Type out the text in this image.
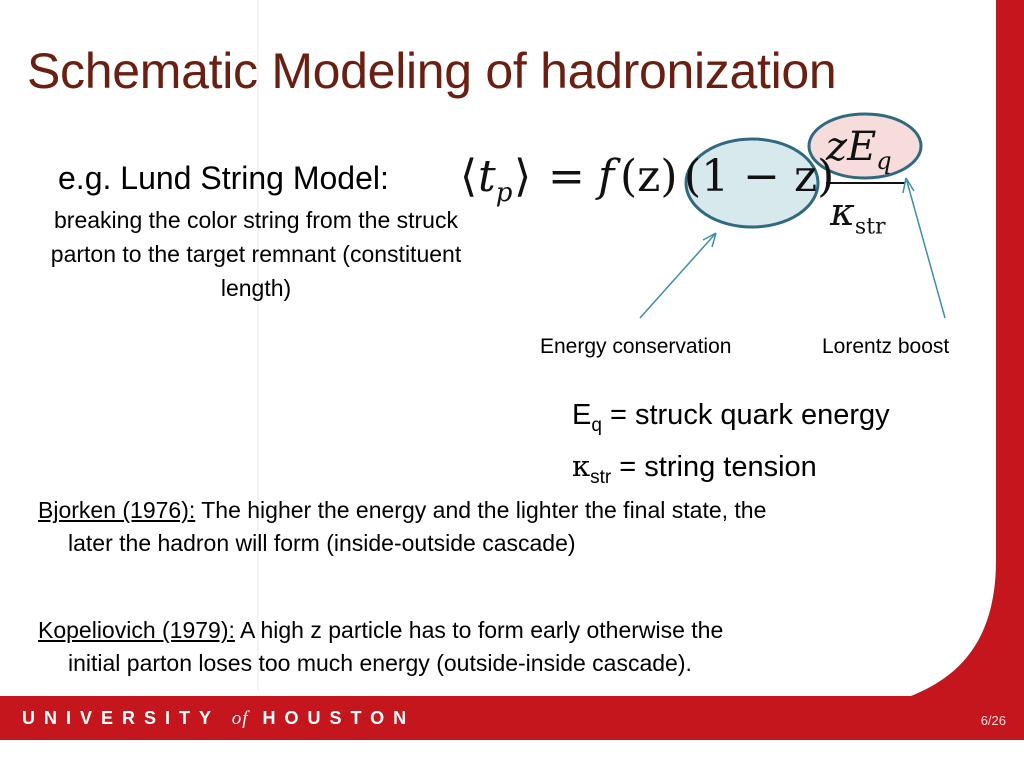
Schematic Modeling of hadronization
e.g. Lund String Model:
breaking the color string from the struck parton to the target remnant (constituent length)
⟨ $t_p$ ⟩ = f (z) (1 − z)
$zE_q$
$\kappa_{str}$
Energy conservation	Lorentz boost
$E_q$ = struck quark energy
$\kappa_{str}$ = string tension
Bjorken (1976): The higher the energy and the lighter the final state, the
later the hadron will form (inside-outside cascade)
Kopeliovich (1979): A high z particle has to form early otherwise the
initial parton loses too much energy (outside-inside cascade).
UNIVERSITY of HOUSTON	6/26
